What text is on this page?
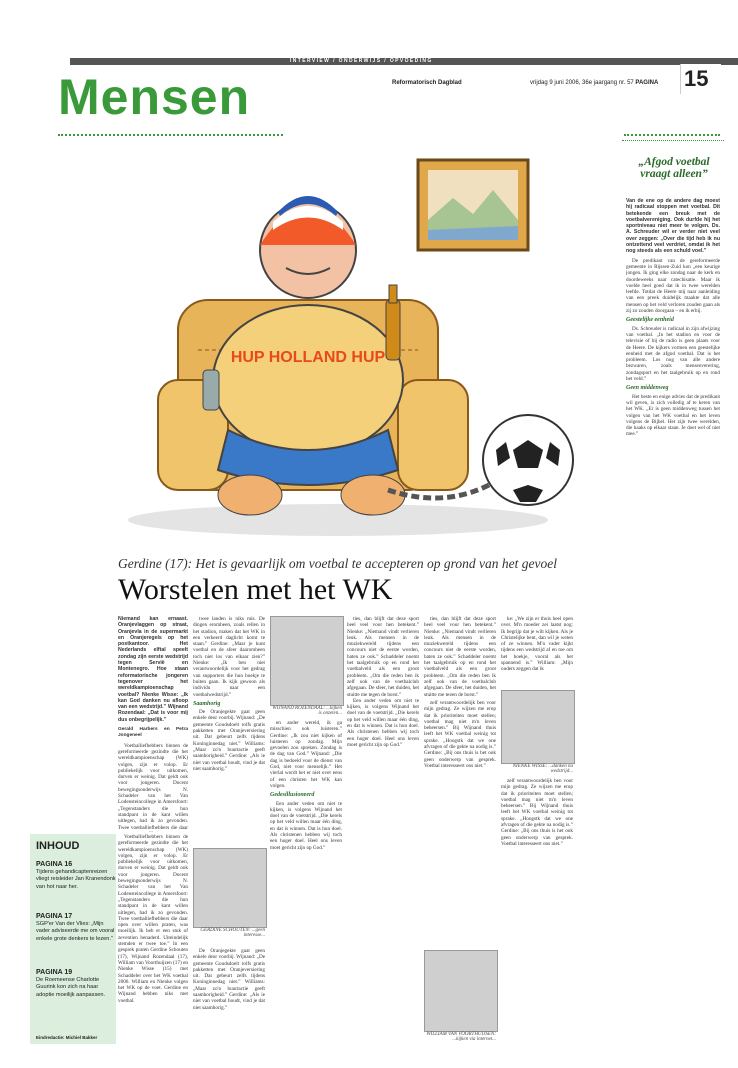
INTERVIEW / ONDERWIJS / OPVOEDING
Mensen	Reformatorisch Dagblad	vrijdag 9 juni 2006, 36e jaargang nr. 57 PAGINA 15
HUP HOLLAND HUP
Gerdine (17): Het is gevaarlijk om voetbal te accepteren op grond van het gevoel
Worstelen met het WK

Niemand kan ernaast. Oranjevlaggen op straat, Oranjevla in de supermarkt en Oranjeregels op het postkantoor. Het Nederlands elftal speelt zondag zijn eerste wedstrijd tegen Servië en Montenegro. Hoe staan reformatorische jongeren tegenover het wereldkampioenschap voetbal? Nienke Wisse: „Ik kan God danken nu afloop van een wedstrijd.” Wijnand Rozendaal: „Dat is voor mij dus onbegrijpelijk.”

Gerald Harbers en Petra Jongeneel

Voetballiefhebbers binnen de gereformeerde gezindte die het wereldkampioenschap (WK) volgen, zijn er volop. Er publiekelijk voor uitkomen, durven er weinig. Dat geldt ook voor jongeren. Docent bewegingsonderwijs N. Schadeler van het Van Lodensteincollege in Amersfoort: „Tegenstanders die hun standpunt in de kant willen uitlegen, had ik zo gevonden. Twee voetballiefhebbers die daar

Voetballiefhebbers binnen de gereformeerde gezindte die het wereldkampioenschap (WK) volgen, zijn er volop. Er publiekelijk voor uitkomen, durven er weinig. Dat geldt ook voor jongeren. Docent bewegingsonderwijs N. Schadeler van het Van Lodensteincollege in Amersfoort: „Tegenstanders die hun standpunt in de kant willen uitlegen, had ik zo gevonden. Twee voetballiefhebbers die daar open over willen praten, was moeilijk. Ik heb er een stuk of zeventien benaderd. Uiteindelijk stemden er twee toe.” In een gesprek praten Gerdine Schouten (17), Wijnand Rozendaal (17), William van Voorthuijzen (17) en Nienke Wisse (15) met Schaddeler over het WK voetbal 2006. William en Nienke volgen het WK op de voet. Gerdine en Wijnand hebben niks met voetbal.

twee landen is niks mis. De dingen eromheen, zoals rellen in het stadion, maken dat het WK in een verkeerd daglicht komt te staan.” Gerdine: „Maar je kunt voetbal en de sfeer daaromheen toch niet los van elkaar zien?” Nienke: „Ik ben niet verantwoordelijk voor het gedrag van supporters die hun boekje te buiten gaan. Ik kijk gewoon als individu naar een voetbalwedstrijd.”

Saamhorig

De Oranjegekte gaat geen enkele deur voorbij. Wijnand: „De gemeente Goudsdoelt rolfs gratis pakketten met Oranjeversiering uit. Dat gebeurt zelfs tijdens Koninginnedag niet.” Williams: „Maar zo'n buurtactie geeft saamhorigheid.” Gerdine: „Als ie niet van voetbal houdt, vind je dat niet saamhorig.”

GERDINE SCHOUTEN: ...geen interesse...

De Oranjegekte gaat geen enkele deur voorbij. Wijnand: „De gemeente Goudsdoelt rolfs gratis pakketten met Oranjeversiering uit. Dat gebeurt zelfs tijdens Koninginnedag niet.” Williams: „Maar zo'n buurtactie geeft saamhorigheid.” Gerdine: „Als ie niet van voetbal houdt, vind je dat niet saamhorig.”

WIJNAND ROZENDAAL: ...kijken is onzeten...

en ander wereld, ik ga misschien ook luisteren.” Gerdine: „Ik zou niet kijken of luisteren op zondag. Mijn gevoelen zou spreken. Zondag is de dag van God.” Wijnand: „Die dag is bedoeld voor de dienst van God, niet voor menselijk.” Het vierlal wordt het er niet over eens of een christen het WK kan volgen.

Gedesillusioneerd

Een ander veden om niet te kijken, is volgens Wijnand het doel van de voetstrijd. „Die kerels op het veld willen maar één ding, en dat is winnen. Dat is hun doel. Als christenen hebben wij toch een hoger doel. Heel ons leven moet gericht zijn op God.”

ties, dan blijft dat deze sport heel veel voor hen betekent.” Nienke: „Niemand vindt verlieren leuk. Als mensen in de muziekwereld tijdens een concours niet de eerste worden, baten ze ook.” Schaddeler noemt het taalgebruik op en rond het voetbalveld als een groot probleem. „Om die reden ben ik zelf ook van de voetbalclub afgegaan. De sfeer, het duiden, het stuitte me tegen de borst.”

Een ander veden om niet te kijken, is volgens Wijnand het doel van de voetstrijd. „Die kerels op het veld willen maar één ding, en dat is winnen. Dat is hun doel. Als christenen hebben wij toch een hoger doel. Heel ons leven moet gericht zijn op God.”

WILLIAM VAN VOORTHUIJSEN: ...kijken via internet...

ties, dan blijft dat deze sport heel veel voor hen betekent.” Nienke: „Niemand vindt verlieren leuk. Als mensen in de muziekwereld tijdens een concours niet de eerste worden, baten ze ook.” Schaddeler noemt het taalgebruik op en rond het voetbalveld als een groot probleem. „Om die reden ben ik zelf ook van de voetbalclub afgegaan. De sfeer, het duiden, het stuitte me tegen de borst.”

zelf verantwoordelijk ben voor mijn gedrag. Ze wijzen me erop dat ik prioriteiten moet stellen; voetbal mag niet m'n leven beheersen.” Bij Wijnand thuis leeft het WK voetbal weinig tot sprake. „Hoogstk dat we one afvragen of die gekte na nodig is.” Gerdine: „Bij ons thuis is het ook geen onderwerp van gesprek. Voetbal interesseert ons niet.”

ke: „We zijn er thuis heel open over. M'n moeder zei laatst nog: Ik begrijp dat je wilt kijken. Als je Christelijke bent, dan wil je weten of ze winnen. M'n vader kijkt tijdens een wedstrijd af en toe om het hoekje, vooral als het spannend is.” William: „Mijn ouders zeggen dat ik

NIENKE WISSE: ...danken na wedstrijd...

zelf verantwoordelijk ben voor mijn gedrag. Ze wijzen me erop dat ik prioriteiten moet stellen; voetbal mag niet m'n leven beheersen.” Bij Wijnand thuis leeft het WK voetbal weinig tot sprake. „Hoogstk dat we one afvragen of die gekte na nodig is.” Gerdine: „Bij ons thuis is het ook geen onderwerp van gesprek. Voetbal interesseert ons niet.”

„Afgod voetbal vraagt alleen”

Van de ene op de andere dag moest hij radicaal stoppen met voetbal. Dit betekende een breuk met de voetbalvereniging. Ook durfde hij het sportniveau niet meer te volgen. Ds. A. Schreuder wil er verder niet veel over zeggen: „Over die tijd heb ik nu ontzettend veel verdriet, omdat ik het nog steeds als een schuld voel.”

De predikant van de gereformeerde gemeente in Rijssen-Zuid kon „een keurige jongen. Ik ging elke zondag naar de kerk en doordeweeks naar catechisatie. Maar ik voelde heel goed dat ik in twee werelden leefde. Totdat de Heere mij naar aanleiding van een preek duidelijk maakte dat alle mensen op het veld verloren zouden gaan als zij zo zouden doorgaan – en ik erbij.

Geestelijke eenheid

Ds. Schreuder is radicaal in zijn afwijzing van voetbal. „In het stadion en voor de televisie of bij de radio is geen plaats voor de Heere. De kijkers vormen een geestelijke eenheid met de afgod voetbal. Dat is het probleem. Los nog van alle andere bezwaren, zoals mensenverering, zondagsport en het taalgebruik op en rond het veld.”

Geen middenweg

Het beste en enige advies dat de predikant wil geven, is zich volledig af te keren van het WK. „Er is geen middenweg tussen het volgen van het WK voetbal en het leven volgens de Bijbel. Het zijn twee werelden, die haaks op elkaar staan. Je doet wel of niet mee.”

INHOUD
PAGINA 16
Tijdens gehandicaptenreizen vliegt reisleider Jan Kranendonk van hot naar her.
PAGINA 17
SGP'er Van der Vlies: „Mijn vader adviseerde me om vooral enkele grote denkers te lezen.”
PAGINA 19
De Roemeense Charlotte Guurink kon zich na haar adoptie moeilijk aanpassen.
Eindredactie: Michiel Bakker
